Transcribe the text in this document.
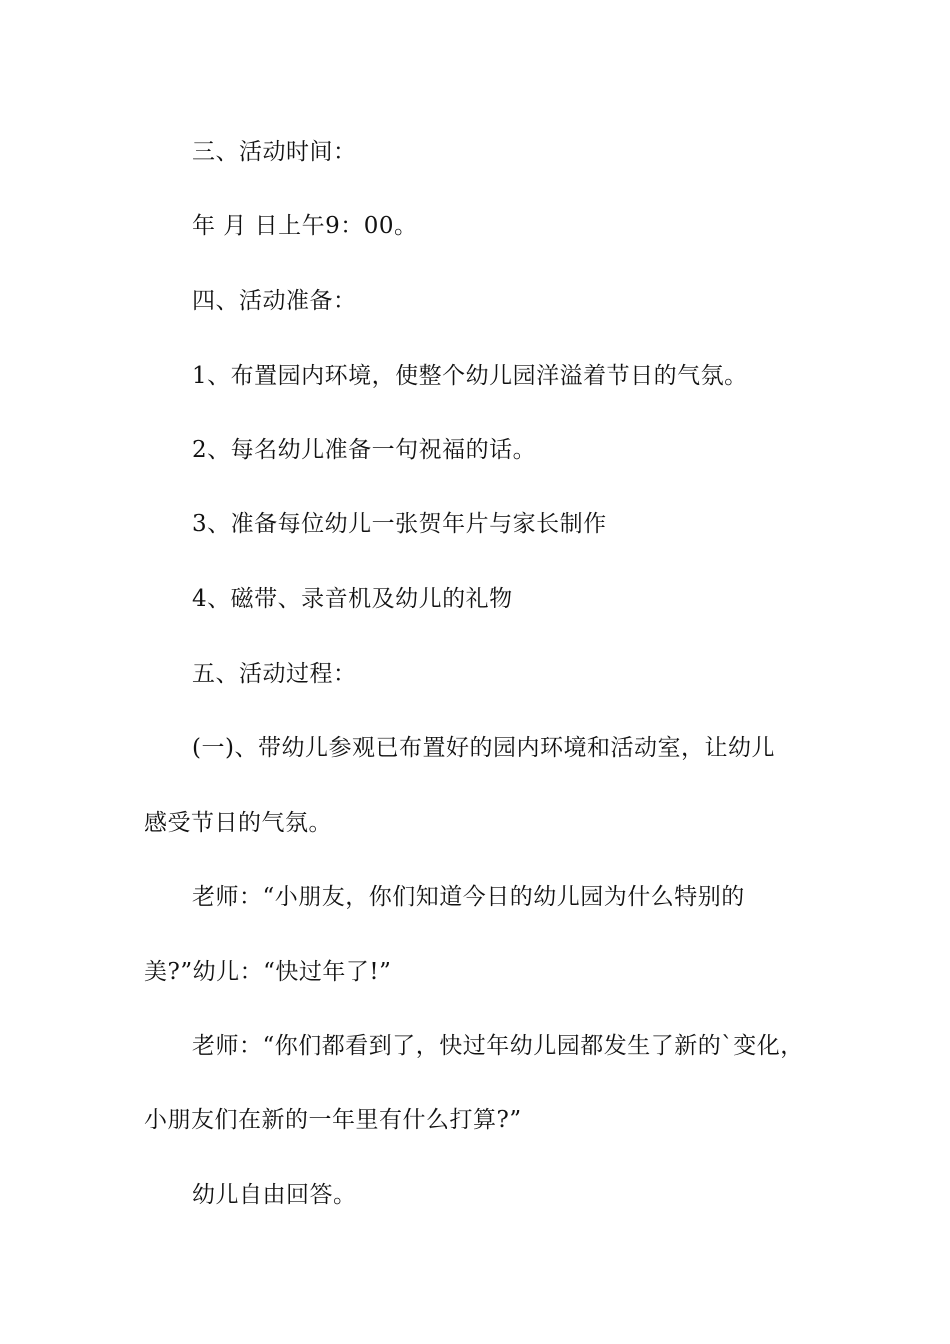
三、活动时间：
年 月 日上午9：00。
四、活动准备：
1、布置园内环境，使整个幼儿园洋溢着节日的气氛。
2、每名幼儿准备一句祝福的话。
3、准备每位幼儿一张贺年片与家长制作
4、磁带、录音机及幼儿的礼物
五、活动过程：
(一)、带幼儿参观已布置好的园内环境和活动室，让幼儿
感受节日的气氛。
老师：“小朋友，你们知道今日的幼儿园为什么特别的
美?”幼儿：“快过年了!”
老师：“你们都看到了，快过年幼儿园都发生了新的`变化，
小朋友们在新的一年里有什么打算?”
幼儿自由回答。
